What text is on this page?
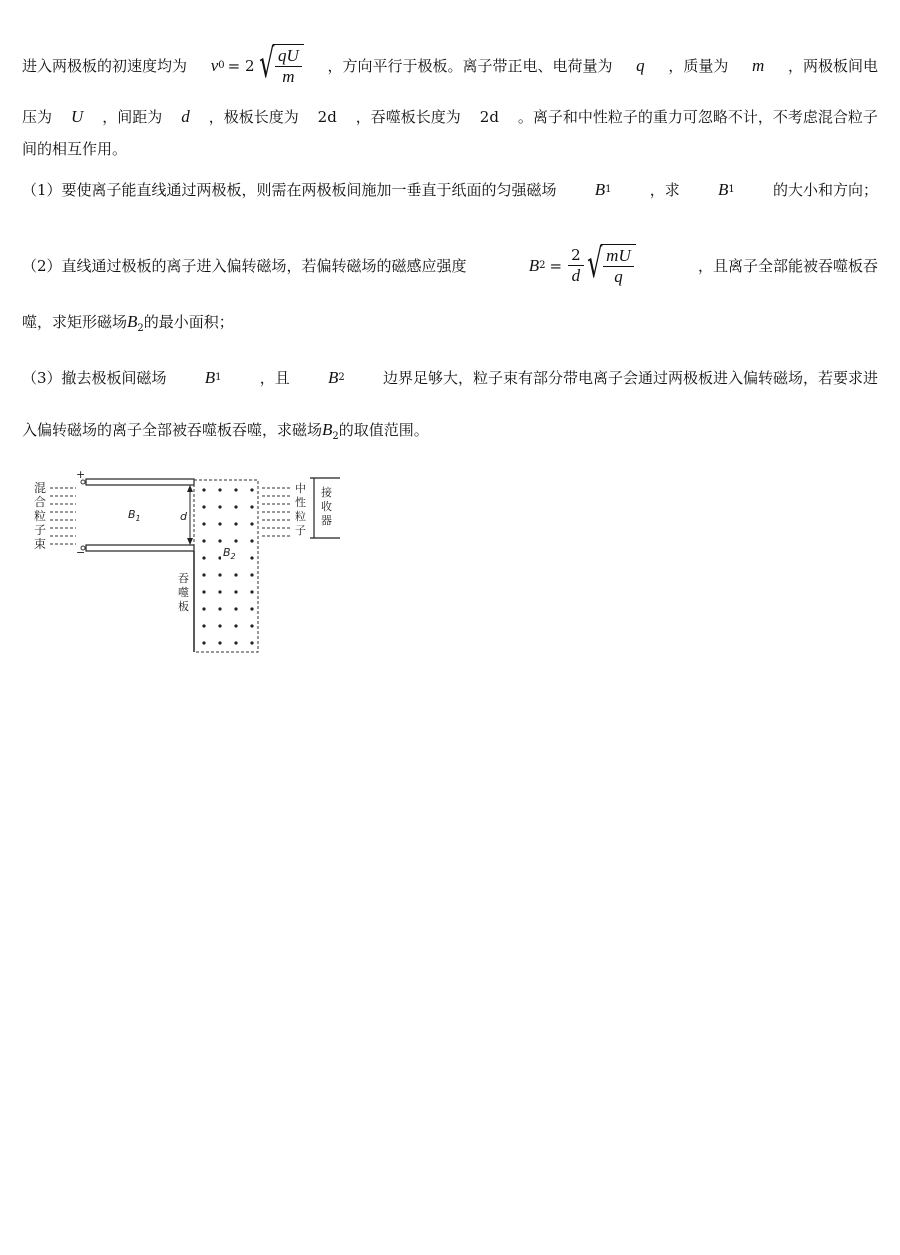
进入两极板的初速度均为 v 0 = 2 √ $\frac{qU}{m}$ ，方向平行于极板。离子带正电、电荷量为 q ，质量为 m ，两极板间电
压为 U ，间距为 d ，极板长度为 2d ，吞噬板长度为 2d 。离子和中性粒子的重力可忽略不计，不考虑混合粒子
间的相互作用。
（1）要使离子能直线通过两极板，则需在两极板间施加一垂直于纸面的匀强磁场 B 1	，求 B 1	的大小和方向；
（2）直线通过极板的离子进入偏转磁场，若偏转磁场的磁感应强度	B $2 = \frac{2}{d}$ √ $\frac{mU}{q}$	，且离子全部能被吞噬板吞
噬，求矩形磁场$B_2$的最小面积；
（3）撤去极板间磁场 B 1	，且 B 2	边界足够大，粒子束有部分带电离子会通过两极板进入偏转磁场，若要求进
入偏转磁场的离子全部被吞噬板吞噬，求磁场$B_2$的取值范围。
混
合
粒
子
束
+
−
$B_1$	d
$B_2$
吞
噬
板
中
性
粒
子
接
收
器
